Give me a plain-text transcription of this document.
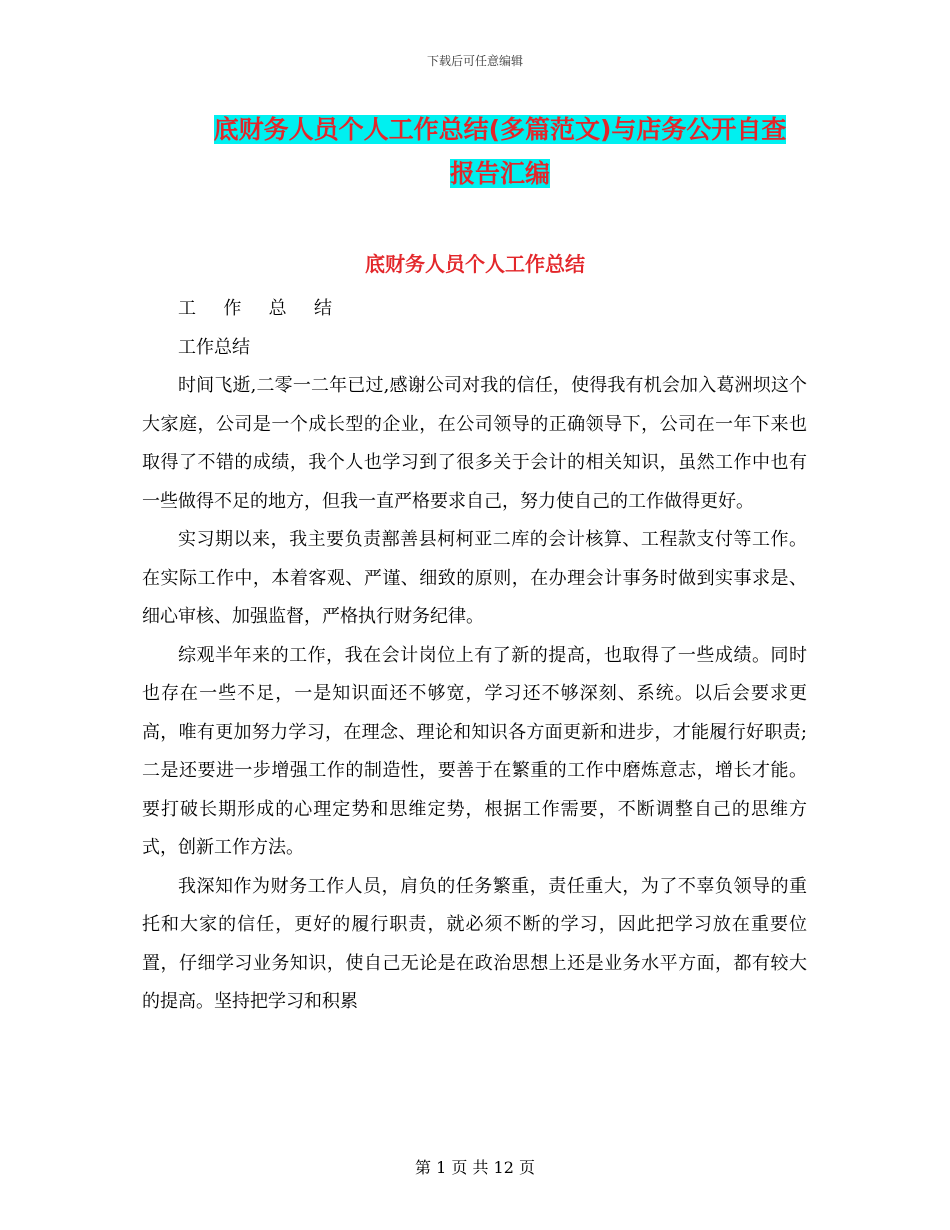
下载后可任意编辑
底财务人员个人工作总结(多篇范文)与店务公开自查
报告汇编
底财务人员个人工作总结

工 作 总 结

工作总结

时间飞逝,二零一二年已过,感谢公司对我的信任，使得我有机会加入葛洲坝这个大家庭，公司是一个成长型的企业，在公司领导的正确领导下，公司在一年下来也取得了不错的成绩，我个人也学习到了很多关于会计的相关知识，虽然工作中也有一些做得不足的地方，但我一直严格要求自己，努力使自己的工作做得更好。

实习期以来，我主要负责鄯善县柯柯亚二库的会计核算、工程款支付等工作。在实际工作中，本着客观、严谨、细致的原则，在办理会计事务时做到实事求是、细心审核、加强监督，严格执行财务纪律。

综观半年来的工作，我在会计岗位上有了新的提高，也取得了一些成绩。同时也存在一些不足，一是知识面还不够宽，学习还不够深刻、系统。以后会要求更高，唯有更加努力学习，在理念、理论和知识各方面更新和进步，才能履行好职责;二是还要进一步增强工作的制造性，要善于在繁重的工作中磨炼意志，增长才能。要打破长期形成的心理定势和思维定势，根据工作需要，不断调整自己的思维方式，创新工作方法。

我深知作为财务工作人员，肩负的任务繁重，责任重大，为了不辜负领导的重托和大家的信任，更好的履行职责，就必须不断的学习，因此把学习放在重要位置，仔细学习业务知识，使自己无论是在政治思想上还是业务水平方面，都有较大的提高。坚持把学习和积累

第 1 页 共 12 页
